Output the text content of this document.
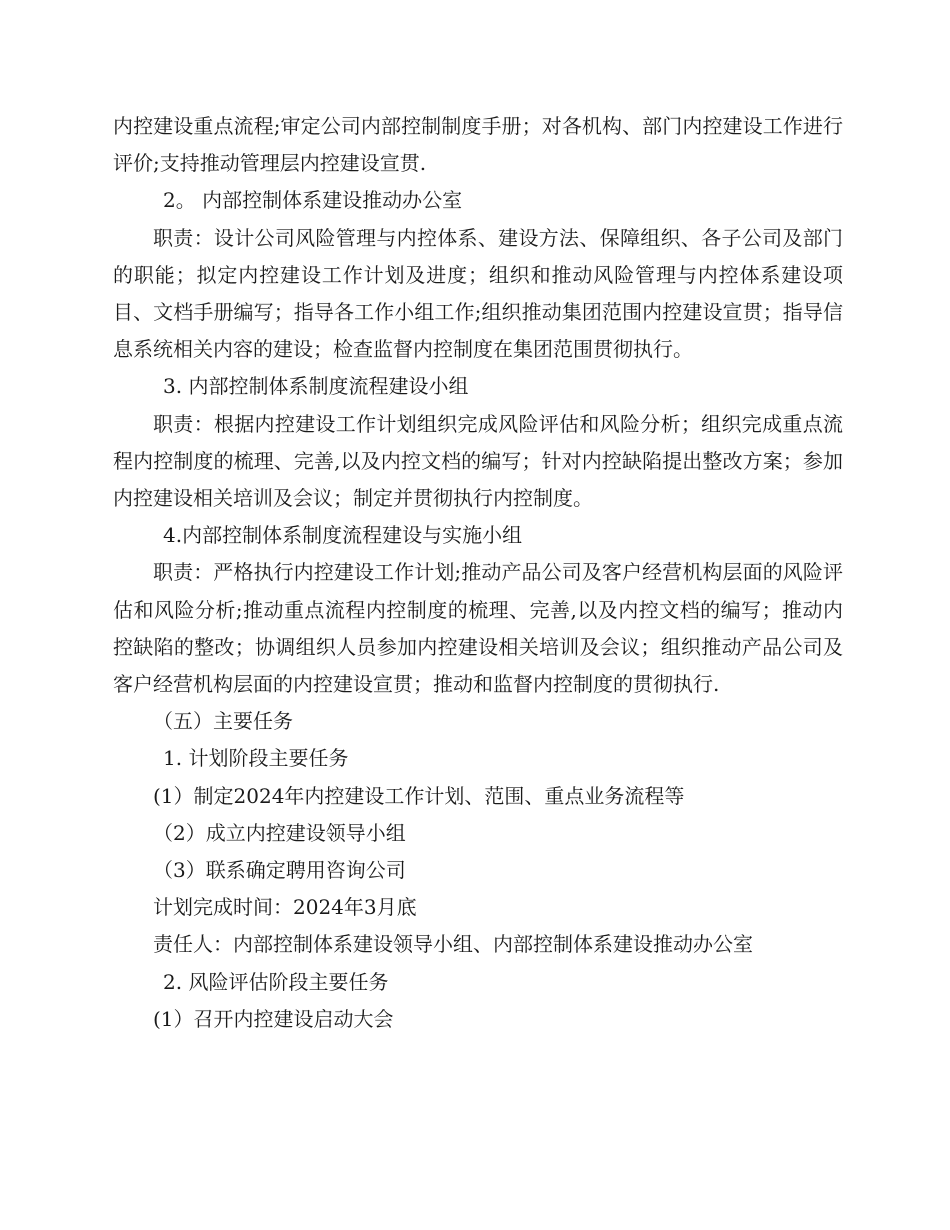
内控建设重点流程;审定公司内部控制制度手册；对各机构、部门内控建设工作进行评价;支持推动管理层内控建设宣贯.

2。 内部控制体系建设推动办公室

职责：设计公司风险管理与内控体系、建设方法、保障组织、各子公司及部门的职能；拟定内控建设工作计划及进度；组织和推动风险管理与内控体系建设项目、文档手册编写；指导各工作小组工作;组织推动集团范围内控建设宣贯；指导信息系统相关内容的建设；检查监督内控制度在集团范围贯彻执行。

3. 内部控制体系制度流程建设小组

职责：根据内控建设工作计划组织完成风险评估和风险分析；组织完成重点流程内控制度的梳理、完善,以及内控文档的编写；针对内控缺陷提出整改方案；参加内控建设相关培训及会议；制定并贯彻执行内控制度。

4.内部控制体系制度流程建设与实施小组

职责：严格执行内控建设工作计划;推动产品公司及客户经营机构层面的风险评估和风险分析;推动重点流程内控制度的梳理、完善,以及内控文档的编写；推动内控缺陷的整改；协调组织人员参加内控建设相关培训及会议；组织推动产品公司及客户经营机构层面的内控建设宣贯；推动和监督内控制度的贯彻执行.

（五）主要任务

1. 计划阶段主要任务

(1）制定2024年内控建设工作计划、范围、重点业务流程等

（2）成立内控建设领导小组

（3）联系确定聘用咨询公司

计划完成时间：2024年3月底

责任人：内部控制体系建设领导小组、内部控制体系建设推动办公室

2. 风险评估阶段主要任务

(1）召开内控建设启动大会
